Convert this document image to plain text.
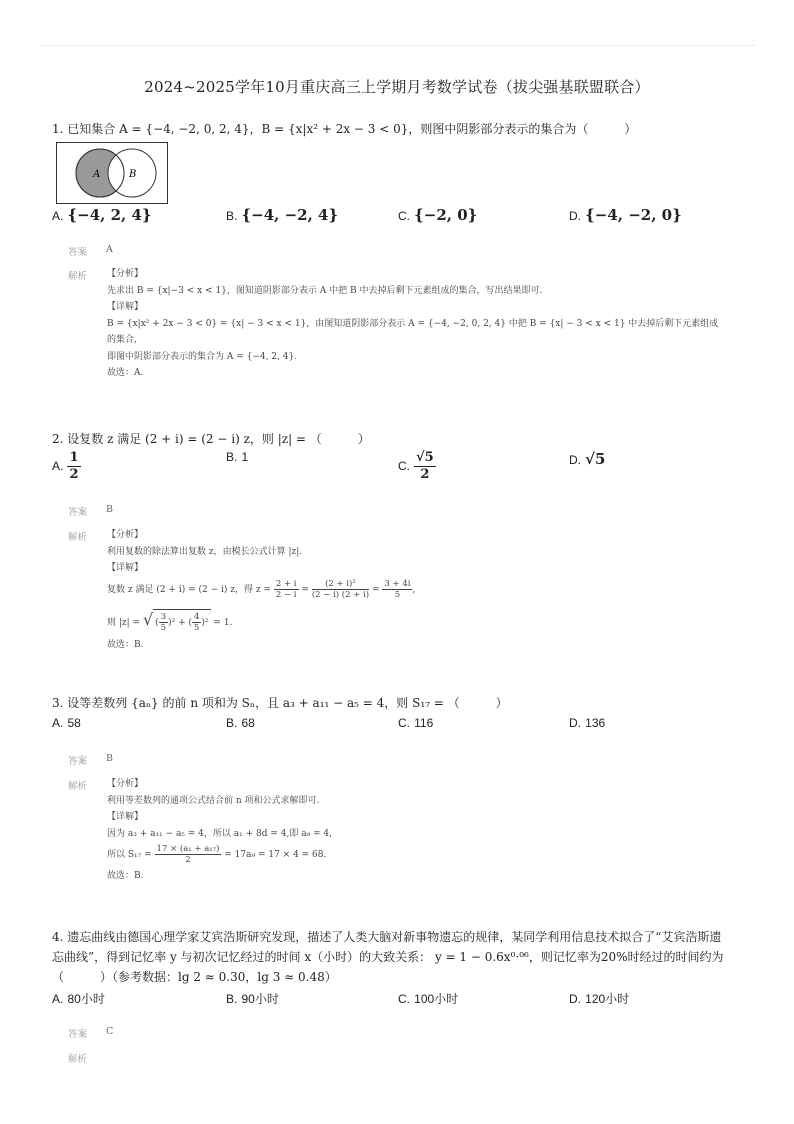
2024~2025学年10月重庆高三上学期月考数学试卷（拔尖强基联盟联合）
1. 已知集合 A = {−4, −2, 0, 2, 4}，B = {x|x² + 2x − 3 < 0}，则图中阴影部分表示的集合为（　　　）
A	B
A. {−4, 2, 4}	B. {−4, −2, 4}	C. {−2, 0}	D. {−4, −2, 0}
答案 A
解析 【分析】
先求出 B = {x|−3 < x < 1}，图知道阴影部分表示 A 中把 B 中去掉后剩下元素组成的集合，写出结果即可.
【详解】
B = {x|x² + 2x − 3 < 0} = {x| − 3 < x < 1}，由图知道阴影部分表示 A = {−4, −2, 0, 2, 4} 中把 B = {x| − 3 < x < 1} 中去掉后剩下元素组成
的集合,
即图中阴影部分表示的集合为 A = {−4, 2, 4}.
故选：A.
2. 设复数 z 满足 (2 + i) = (2 − i) z，则 |z| = （　　　）
A. $\frac{1}{2}$	B. 1
C. $\frac{√5}{2}$	D. √5
答案 B
解析 【分析】
利用复数的除法算出复数 z，由模长公式计算 |z|.
【详解】
复数 z 满足 (2 + i) = (2 − i) z，得 $z = \frac{2 + i}{2 - i} = \frac{\text{(2 + i)²}}{(2 - i) (2 + i)} = \frac{3 + 4i}{5}$ ,
则 |z| = √ ( $\frac{3}{5} )^2$ + ( $\frac{4}{5} )^2 = 1$.
故选：B.
3. 设等差数列 {aₙ} 的前 n 项和为 Sₙ，且 a₃ + a₁₁ − a₅ = 4，则 S₁₇ = （　　　）
A. 58	B. 68	C. 116	D. 136
答案 B
解析 【分析】
利用等差数列的通项公式结合前 n 项和公式求解即可.
【详解】
因为 a₃ + a₁₁ − a₅ = 4，所以 a₁ + 8d = 4,即 a₉ = 4,
所以 $S_{17} = \frac{\text{17 × (a₁ + a₁₇)}}{2} = 17a_9 = 17 \times 4 = 68$.
故选：B.
4. 遗忘曲线由德国心理学家艾宾浩斯研究发现，描述了人类大脑对新事物遗忘的规律，某同学利用信息技术拟合了“艾宾浩斯遗
忘曲线”，得到记忆率 y 与初次记忆经过的时间 x（小时）的大致关系： y = 1 − 0.6x⁰·⁰⁶，则记忆率为20%时经过的时间约为
（　　　）（参考数据：lg 2 ≈ 0.30，lg 3 ≈ 0.48）
A. 80小时	B. 90小时	C. 100小时	D. 120小时
答案 C
解析
